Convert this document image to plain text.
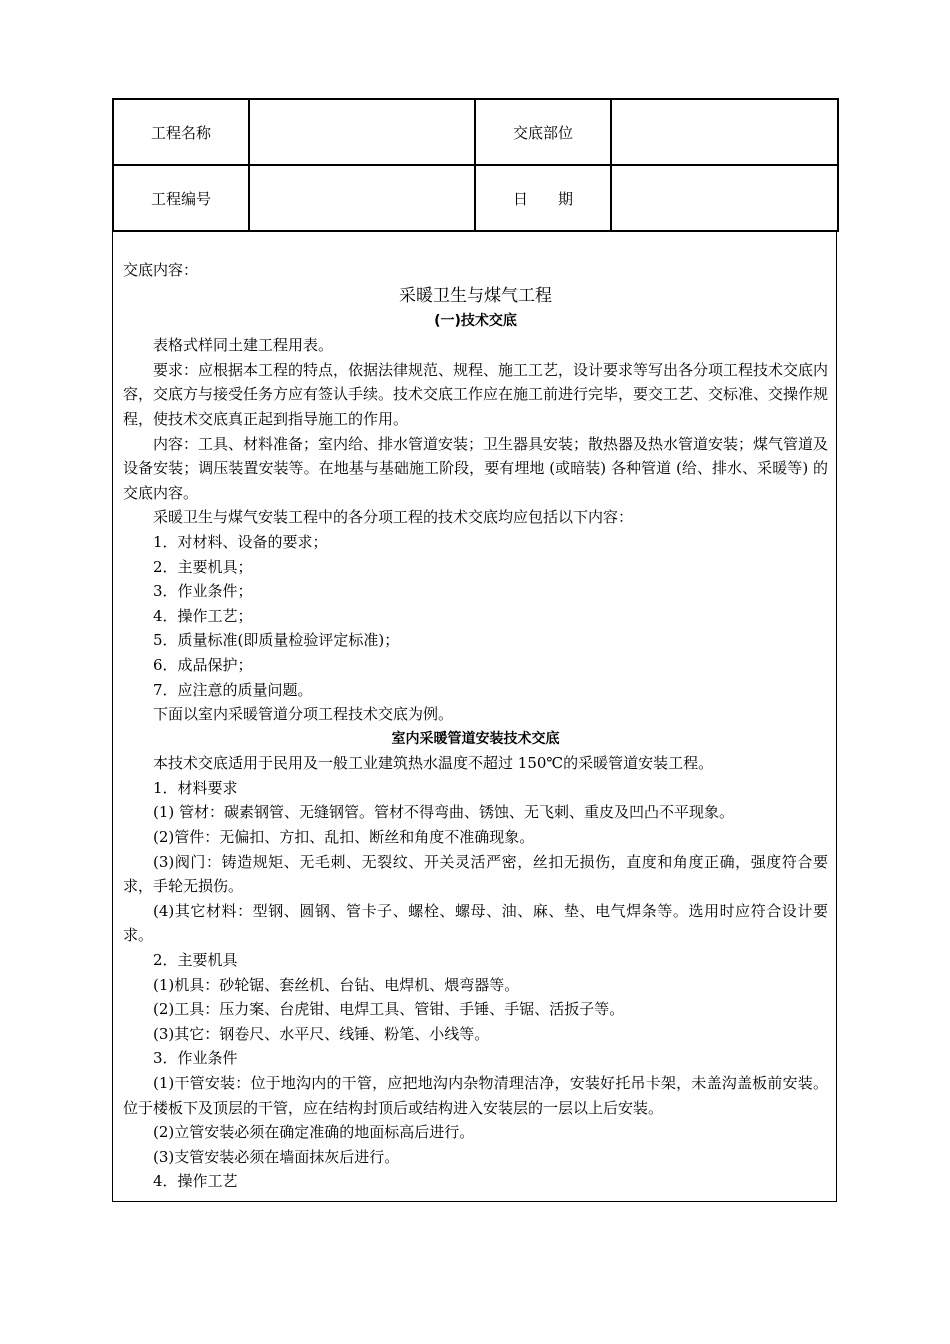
工程名称		交底部位	
工程编号		日　　期	

交底内容：

采暖卫生与煤气工程

(一)技术交底

表格式样同土建工程用表。

要求：应根据本工程的特点，依据法律规范、规程、施工工艺，设计要求等写出各分项工程技术交底内容，交底方与接受任务方应有签认手续。技术交底工作应在施工前进行完毕，要交工艺、交标准、交操作规程，使技术交底真正起到指导施工的作用。

内容：工具、材料准备；室内给、排水管道安装；卫生器具安装；散热器及热水管道安装；煤气管道及设备安装；调压装置安装等。在地基与基础施工阶段，要有埋地 (或暗装) 各种管道 (给、排水、采暖等) 的交底内容。

采暖卫生与煤气安装工程中的各分项工程的技术交底均应包括以下内容：

1．对材料、设备的要求；

2．主要机具；

3．作业条件；

4．操作工艺；

5．质量标准(即质量检验评定标准)；

6．成品保护；

7．应注意的质量问题。

下面以室内采暖管道分项工程技术交底为例。

室内采暖管道安装技术交底

本技术交底适用于民用及一般工业建筑热水温度不超过 150℃的采暖管道安装工程。

1．材料要求

(1) 管材：碳素钢管、无缝钢管。管材不得弯曲、锈蚀、无飞刺、重皮及凹凸不平现象。

(2)管件：无偏扣、方扣、乱扣、断丝和角度不准确现象。

(3)阀门：铸造规矩、无毛刺、无裂纹、开关灵活严密，丝扣无损伤，直度和角度正确，强度符合要求，手轮无损伤。

(4)其它材料：型钢、圆钢、管卡子、螺栓、螺母、油、麻、垫、电气焊条等。选用时应符合设计要求。

2．主要机具

(1)机具：砂轮锯、套丝机、台钻、电焊机、煨弯器等。

(2)工具：压力案、台虎钳、电焊工具、管钳、手锤、手锯、活扳子等。

(3)其它：钢卷尺、水平尺、线锤、粉笔、小线等。

3．作业条件

(1)干管安装：位于地沟内的干管，应把地沟内杂物清理洁净，安装好托吊卡架，未盖沟盖板前安装。位于楼板下及顶层的干管，应在结构封顶后或结构进入安装层的一层以上后安装。

(2)立管安装必须在确定准确的地面标高后进行。

(3)支管安装必须在墙面抹灰后进行。

4．操作工艺
